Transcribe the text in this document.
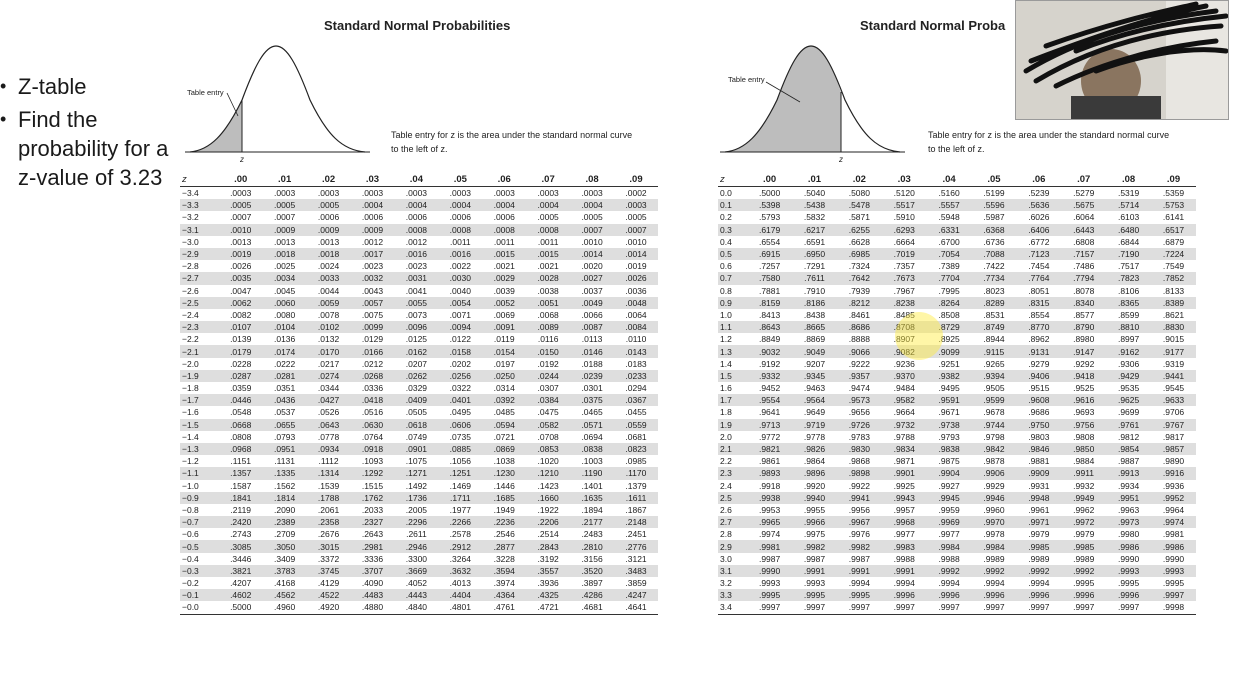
• Z-table
• Find the probability for a z-value of 3.23
Standard Normal Probabilities
Table entry
z
Table entry for z is the area under the standard normal curve
to the left of z.
z	.00	.01	.02	.03	.04	.05	.06	.07	.08	.09
−3.4	.0003	.0003	.0003	.0003	.0003	.0003	.0003	.0003	.0003	.0002
−3.3	.0005	.0005	.0005	.0004	.0004	.0004	.0004	.0004	.0004	.0003
−3.2	.0007	.0007	.0006	.0006	.0006	.0006	.0006	.0005	.0005	.0005
−3.1	.0010	.0009	.0009	.0009	.0008	.0008	.0008	.0008	.0007	.0007
−3.0	.0013	.0013	.0013	.0012	.0012	.0011	.0011	.0011	.0010	.0010
−2.9	.0019	.0018	.0018	.0017	.0016	.0016	.0015	.0015	.0014	.0014
−2.8	.0026	.0025	.0024	.0023	.0023	.0022	.0021	.0021	.0020	.0019
−2.7	.0035	.0034	.0033	.0032	.0031	.0030	.0029	.0028	.0027	.0026
−2.6	.0047	.0045	.0044	.0043	.0041	.0040	.0039	.0038	.0037	.0036
−2.5	.0062	.0060	.0059	.0057	.0055	.0054	.0052	.0051	.0049	.0048
−2.4	.0082	.0080	.0078	.0075	.0073	.0071	.0069	.0068	.0066	.0064
−2.3	.0107	.0104	.0102	.0099	.0096	.0094	.0091	.0089	.0087	.0084
−2.2	.0139	.0136	.0132	.0129	.0125	.0122	.0119	.0116	.0113	.0110
−2.1	.0179	.0174	.0170	.0166	.0162	.0158	.0154	.0150	.0146	.0143
−2.0	.0228	.0222	.0217	.0212	.0207	.0202	.0197	.0192	.0188	.0183
−1.9	.0287	.0281	.0274	.0268	.0262	.0256	.0250	.0244	.0239	.0233
−1.8	.0359	.0351	.0344	.0336	.0329	.0322	.0314	.0307	.0301	.0294
−1.7	.0446	.0436	.0427	.0418	.0409	.0401	.0392	.0384	.0375	.0367
−1.6	.0548	.0537	.0526	.0516	.0505	.0495	.0485	.0475	.0465	.0455
−1.5	.0668	.0655	.0643	.0630	.0618	.0606	.0594	.0582	.0571	.0559
−1.4	.0808	.0793	.0778	.0764	.0749	.0735	.0721	.0708	.0694	.0681
−1.3	.0968	.0951	.0934	.0918	.0901	.0885	.0869	.0853	.0838	.0823
−1.2	.1151	.1131	.1112	.1093	.1075	.1056	.1038	.1020	.1003	.0985
−1.1	.1357	.1335	.1314	.1292	.1271	.1251	.1230	.1210	.1190	.1170
−1.0	.1587	.1562	.1539	.1515	.1492	.1469	.1446	.1423	.1401	.1379
−0.9	.1841	.1814	.1788	.1762	.1736	.1711	.1685	.1660	.1635	.1611
−0.8	.2119	.2090	.2061	.2033	.2005	.1977	.1949	.1922	.1894	.1867
−0.7	.2420	.2389	.2358	.2327	.2296	.2266	.2236	.2206	.2177	.2148
−0.6	.2743	.2709	.2676	.2643	.2611	.2578	.2546	.2514	.2483	.2451
−0.5	.3085	.3050	.3015	.2981	.2946	.2912	.2877	.2843	.2810	.2776
−0.4	.3446	.3409	.3372	.3336	.3300	.3264	.3228	.3192	.3156	.3121
−0.3	.3821	.3783	.3745	.3707	.3669	.3632	.3594	.3557	.3520	.3483
−0.2	.4207	.4168	.4129	.4090	.4052	.4013	.3974	.3936	.3897	.3859
−0.1	.4602	.4562	.4522	.4483	.4443	.4404	.4364	.4325	.4286	.4247
−0.0	.5000	.4960	.4920	.4880	.4840	.4801	.4761	.4721	.4681	.4641
Standard Normal Proba
Table entry
z
Table entry for z is the area under the standard normal curve
to the left of z.
z	.00	.01	.02	.03	.04	.05	.06	.07	.08	.09
0.0	.5000	.5040	.5080	.5120	.5160	.5199	.5239	.5279	.5319	.5359
0.1	.5398	.5438	.5478	.5517	.5557	.5596	.5636	.5675	.5714	.5753
0.2	.5793	.5832	.5871	.5910	.5948	.5987	.6026	.6064	.6103	.6141
0.3	.6179	.6217	.6255	.6293	.6331	.6368	.6406	.6443	.6480	.6517
0.4	.6554	.6591	.6628	.6664	.6700	.6736	.6772	.6808	.6844	.6879
0.5	.6915	.6950	.6985	.7019	.7054	.7088	.7123	.7157	.7190	.7224
0.6	.7257	.7291	.7324	.7357	.7389	.7422	.7454	.7486	.7517	.7549
0.7	.7580	.7611	.7642	.7673	.7704	.7734	.7764	.7794	.7823	.7852
0.8	.7881	.7910	.7939	.7967	.7995	.8023	.8051	.8078	.8106	.8133
0.9	.8159	.8186	.8212	.8238	.8264	.8289	.8315	.8340	.8365	.8389
1.0	.8413	.8438	.8461	.8485	.8508	.8531	.8554	.8577	.8599	.8621
1.1	.8643	.8665	.8686	.8708	.8729	.8749	.8770	.8790	.8810	.8830
1.2	.8849	.8869	.8888	.8907	.8925	.8944	.8962	.8980	.8997	.9015
1.3	.9032	.9049	.9066	.9082	.9099	.9115	.9131	.9147	.9162	.9177
1.4	.9192	.9207	.9222	.9236	.9251	.9265	.9279	.9292	.9306	.9319
1.5	.9332	.9345	.9357	.9370	.9382	.9394	.9406	.9418	.9429	.9441
1.6	.9452	.9463	.9474	.9484	.9495	.9505	.9515	.9525	.9535	.9545
1.7	.9554	.9564	.9573	.9582	.9591	.9599	.9608	.9616	.9625	.9633
1.8	.9641	.9649	.9656	.9664	.9671	.9678	.9686	.9693	.9699	.9706
1.9	.9713	.9719	.9726	.9732	.9738	.9744	.9750	.9756	.9761	.9767
2.0	.9772	.9778	.9783	.9788	.9793	.9798	.9803	.9808	.9812	.9817
2.1	.9821	.9826	.9830	.9834	.9838	.9842	.9846	.9850	.9854	.9857
2.2	.9861	.9864	.9868	.9871	.9875	.9878	.9881	.9884	.9887	.9890
2.3	.9893	.9896	.9898	.9901	.9904	.9906	.9909	.9911	.9913	.9916
2.4	.9918	.9920	.9922	.9925	.9927	.9929	.9931	.9932	.9934	.9936
2.5	.9938	.9940	.9941	.9943	.9945	.9946	.9948	.9949	.9951	.9952
2.6	.9953	.9955	.9956	.9957	.9959	.9960	.9961	.9962	.9963	.9964
2.7	.9965	.9966	.9967	.9968	.9969	.9970	.9971	.9972	.9973	.9974
2.8	.9974	.9975	.9976	.9977	.9977	.9978	.9979	.9979	.9980	.9981
2.9	.9981	.9982	.9982	.9983	.9984	.9984	.9985	.9985	.9986	.9986
3.0	.9987	.9987	.9987	.9988	.9988	.9989	.9989	.9989	.9990	.9990
3.1	.9990	.9991	.9991	.9991	.9992	.9992	.9992	.9992	.9993	.9993
3.2	.9993	.9993	.9994	.9994	.9994	.9994	.9994	.9995	.9995	.9995
3.3	.9995	.9995	.9995	.9996	.9996	.9996	.9996	.9996	.9996	.9997
3.4	.9997	.9997	.9997	.9997	.9997	.9997	.9997	.9997	.9997	.9998
